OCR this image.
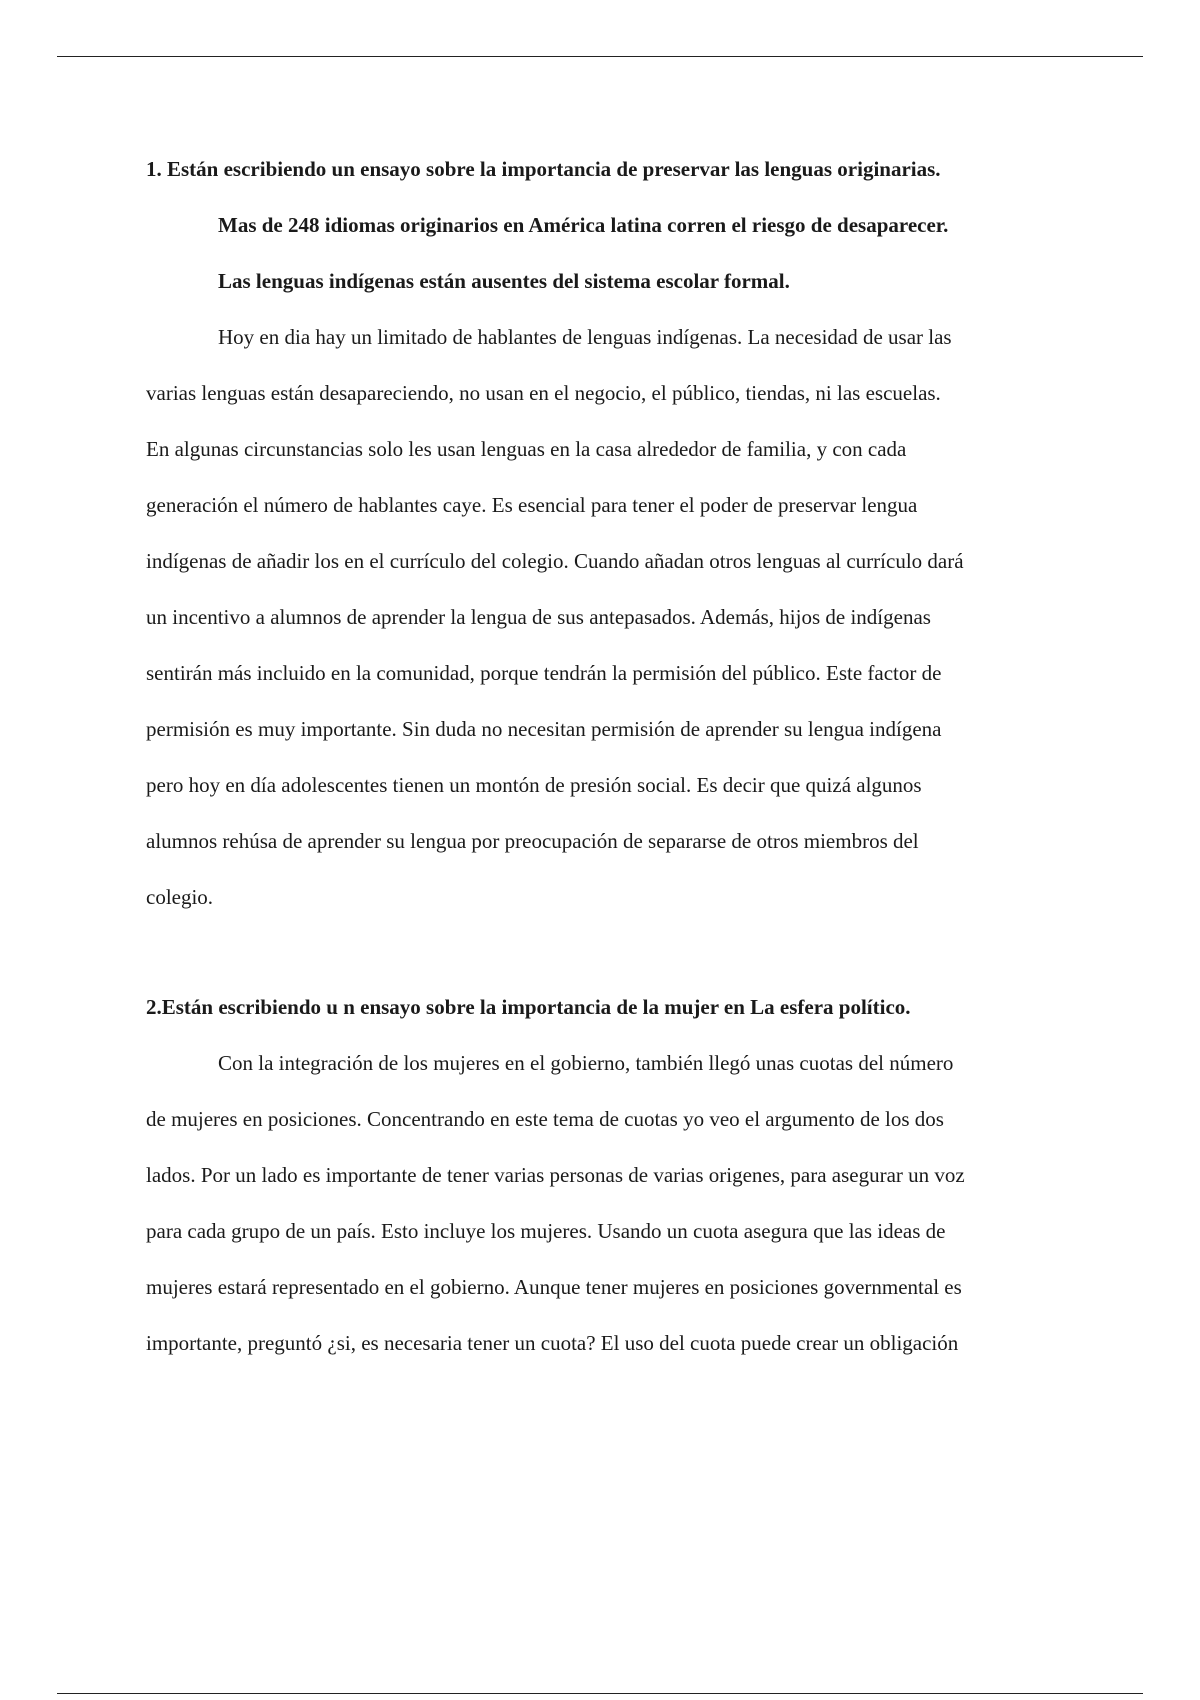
1. Están escribiendo un ensayo sobre la importancia de preservar las lenguas originarias.
Mas de 248 idiomas originarios en América latina corren el riesgo de desaparecer.
Las lenguas indígenas están ausentes del sistema escolar formal.
Hoy en dia hay un limitado de hablantes de lenguas indígenas. La necesidad de usar las
varias lenguas están desapareciendo, no usan en el negocio, el público, tiendas, ni las escuelas.
En algunas circunstancias solo les usan lenguas en la casa alrededor de familia, y con cada
generación el número de hablantes caye. Es esencial para tener el poder de preservar lengua
indígenas de añadir los en el currículo del colegio. Cuando añadan otros lenguas al currículo dará
un incentivo a alumnos de aprender la lengua de sus antepasados. Además, hijos de indígenas
sentirán más incluido en la comunidad, porque tendrán la permisión del público. Este factor de
permisión es muy importante. Sin duda no necesitan permisión de aprender su lengua indígena
pero hoy en día adolescentes tienen un montón de presión social. Es decir que quizá algunos
alumnos rehúsa de aprender su lengua por preocupación de separarse de otros miembros del
colegio.
2.Están escribiendo u n ensayo sobre la importancia de la mujer en La esfera político.
Con la integración de los mujeres en el gobierno, también llegó unas cuotas del número
de mujeres en posiciones. Concentrando en este tema de cuotas yo veo el argumento de los dos
lados. Por un lado es importante de tener varias personas de varias origenes, para asegurar un voz
para cada grupo de un país. Esto incluye los mujeres. Usando un cuota asegura que las ideas de
mujeres estará representado en el gobierno. Aunque tener mujeres en posiciones governmental es
importante, preguntó ¿si, es necesaria tener un cuota? El uso del cuota puede crear un obligación
